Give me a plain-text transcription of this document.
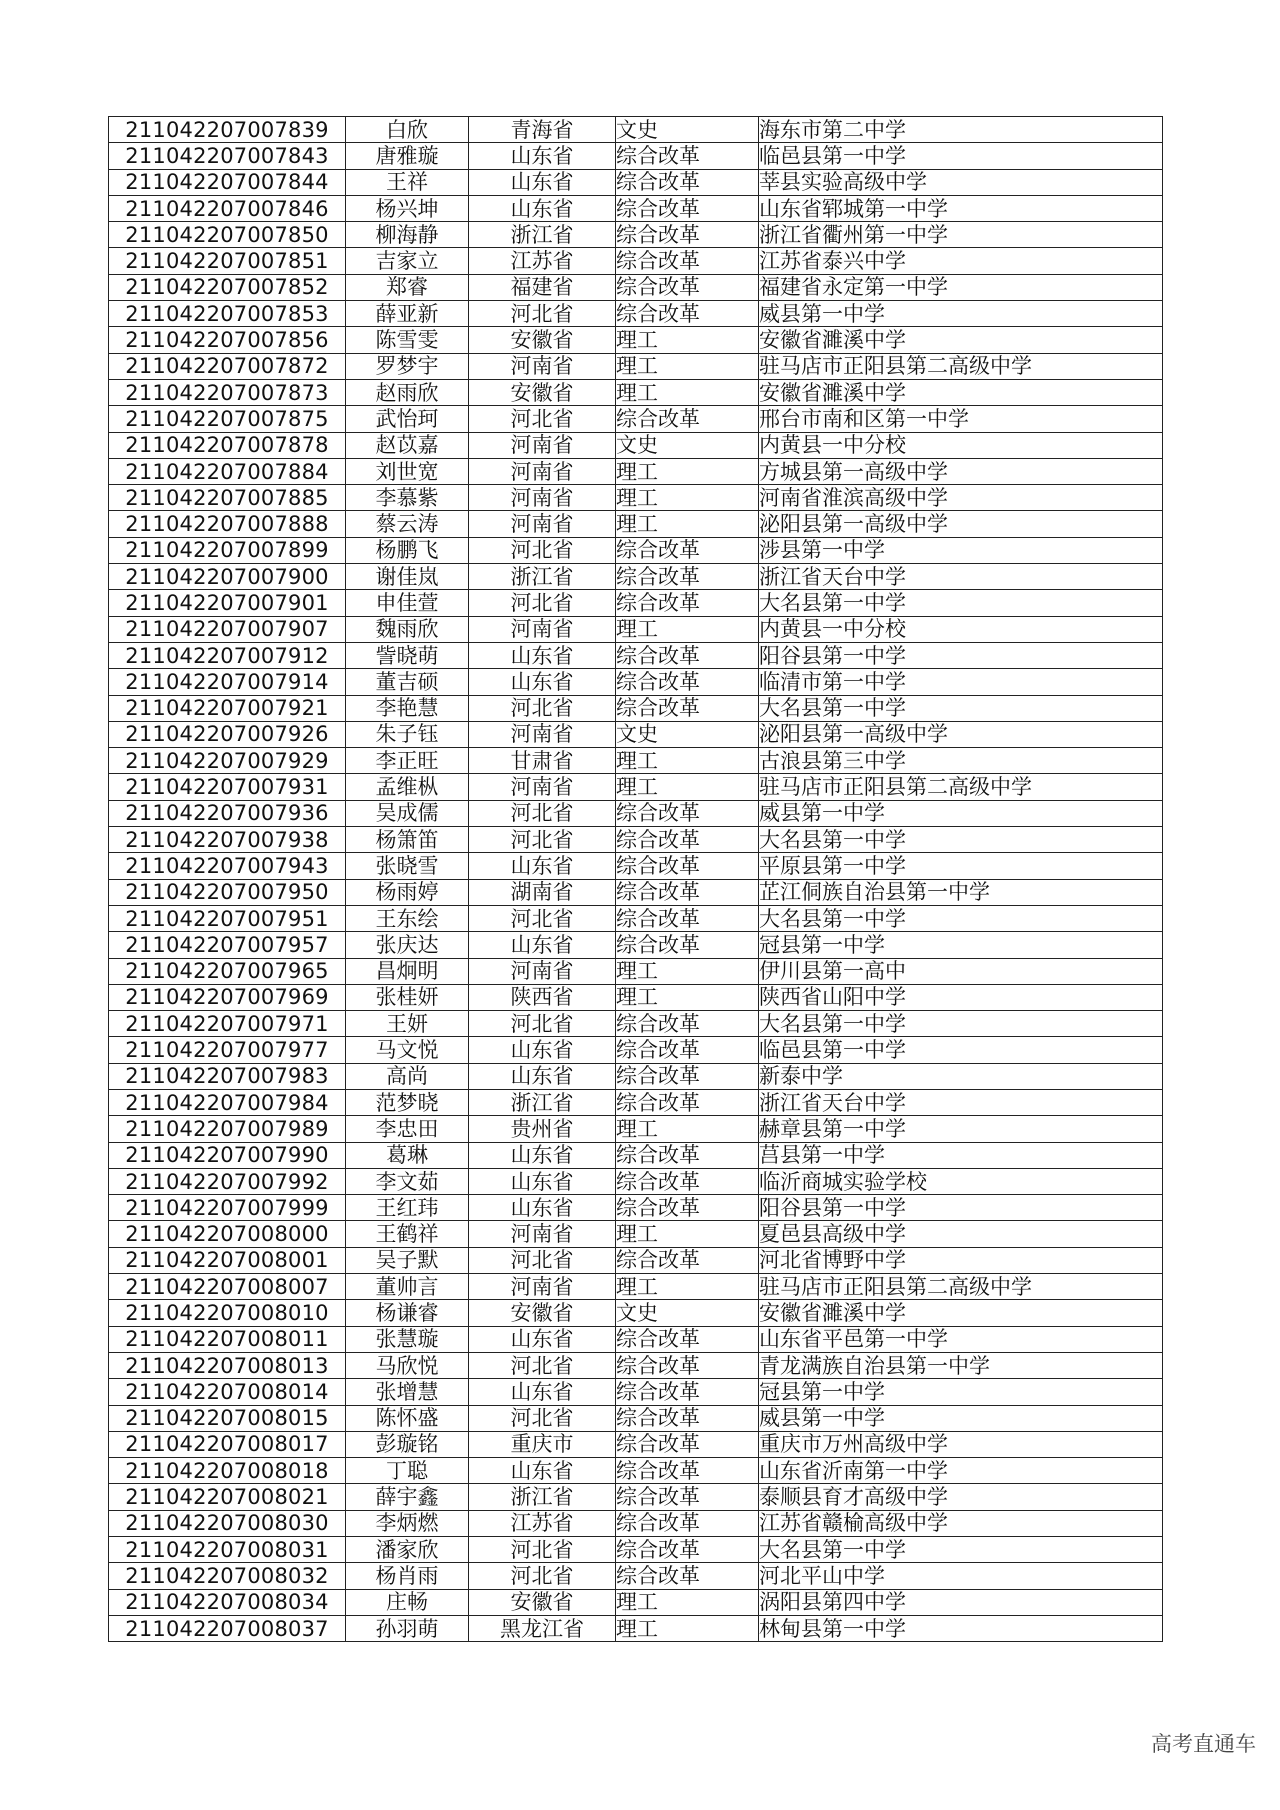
211042207007839	白欣	青海省	文史	海东市第二中学
211042207007843	唐雅璇	山东省	综合改革	临邑县第一中学
211042207007844	王祥	山东省	综合改革	莘县实验高级中学
211042207007846	杨兴坤	山东省	综合改革	山东省郓城第一中学
211042207007850	柳海静	浙江省	综合改革	浙江省衢州第一中学
211042207007851	吉家立	江苏省	综合改革	江苏省泰兴中学
211042207007852	郑睿	福建省	综合改革	福建省永定第一中学
211042207007853	薛亚新	河北省	综合改革	威县第一中学
211042207007856	陈雪雯	安徽省	理工	安徽省濉溪中学
211042207007872	罗梦宇	河南省	理工	驻马店市正阳县第二高级中学
211042207007873	赵雨欣	安徽省	理工	安徽省濉溪中学
211042207007875	武怡珂	河北省	综合改革	邢台市南和区第一中学
211042207007878	赵苡嘉	河南省	文史	内黄县一中分校
211042207007884	刘世宽	河南省	理工	方城县第一高级中学
211042207007885	李慕紫	河南省	理工	河南省淮滨高级中学
211042207007888	蔡云涛	河南省	理工	泌阳县第一高级中学
211042207007899	杨鹏飞	河北省	综合改革	涉县第一中学
211042207007900	谢佳岚	浙江省	综合改革	浙江省天台中学
211042207007901	申佳萱	河北省	综合改革	大名县第一中学
211042207007907	魏雨欣	河南省	理工	内黄县一中分校
211042207007912	訾晓萌	山东省	综合改革	阳谷县第一中学
211042207007914	董吉硕	山东省	综合改革	临清市第一中学
211042207007921	李艳慧	河北省	综合改革	大名县第一中学
211042207007926	朱子钰	河南省	文史	泌阳县第一高级中学
211042207007929	李正旺	甘肃省	理工	古浪县第三中学
211042207007931	孟维枞	河南省	理工	驻马店市正阳县第二高级中学
211042207007936	吴成儒	河北省	综合改革	威县第一中学
211042207007938	杨箫笛	河北省	综合改革	大名县第一中学
211042207007943	张晓雪	山东省	综合改革	平原县第一中学
211042207007950	杨雨婷	湖南省	综合改革	芷江侗族自治县第一中学
211042207007951	王东绘	河北省	综合改革	大名县第一中学
211042207007957	张庆达	山东省	综合改革	冠县第一中学
211042207007965	昌炯明	河南省	理工	伊川县第一高中
211042207007969	张桂妍	陕西省	理工	陕西省山阳中学
211042207007971	王妍	河北省	综合改革	大名县第一中学
211042207007977	马文悦	山东省	综合改革	临邑县第一中学
211042207007983	高尚	山东省	综合改革	新泰中学
211042207007984	范梦晓	浙江省	综合改革	浙江省天台中学
211042207007989	李忠田	贵州省	理工	赫章县第一中学
211042207007990	葛琳	山东省	综合改革	莒县第一中学
211042207007992	李文茹	山东省	综合改革	临沂商城实验学校
211042207007999	王红玮	山东省	综合改革	阳谷县第一中学
211042207008000	王鹤祥	河南省	理工	夏邑县高级中学
211042207008001	吴子默	河北省	综合改革	河北省博野中学
211042207008007	董帅言	河南省	理工	驻马店市正阳县第二高级中学
211042207008010	杨谦睿	安徽省	文史	安徽省濉溪中学
211042207008011	张慧璇	山东省	综合改革	山东省平邑第一中学
211042207008013	马欣悦	河北省	综合改革	青龙满族自治县第一中学
211042207008014	张增慧	山东省	综合改革	冠县第一中学
211042207008015	陈怀盛	河北省	综合改革	威县第一中学
211042207008017	彭璇铭	重庆市	综合改革	重庆市万州高级中学
211042207008018	丁聪	山东省	综合改革	山东省沂南第一中学
211042207008021	薛宇鑫	浙江省	综合改革	泰顺县育才高级中学
211042207008030	李炳燃	江苏省	综合改革	江苏省赣榆高级中学
211042207008031	潘家欣	河北省	综合改革	大名县第一中学
211042207008032	杨肖雨	河北省	综合改革	河北平山中学
211042207008034	庄畅	安徽省	理工	涡阳县第四中学
211042207008037	孙羽萌	黑龙江省	理工	林甸县第一中学
高考直通车
